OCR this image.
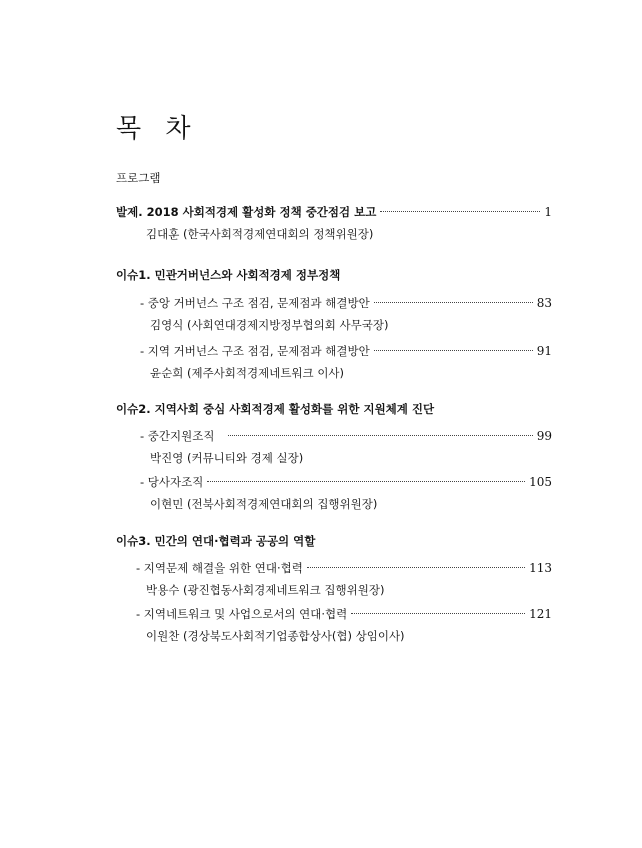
목 차
프로그램
발제. 2018 사회적경제 활성화 정책 중간점검 보고	1
김대훈 (한국사회적경제연대회의 정책위원장)
이슈1. 민관거버넌스와 사회적경제 정부정책
- 중앙 거버넌스 구조 점검, 문제점과 해결방안	83
김영식 (사회연대경제지방정부협의회 사무국장)
- 지역 거버넌스 구조 점검, 문제점과 해결방안	91
윤순희 (제주사회적경제네트워크 이사)
이슈2. 지역사회 중심 사회적경제 활성화를 위한 지원체계 진단
- 중간지원조직	99
박진영 (커뮤니티와 경제 실장)
- 당사자조직	105
이현민 (전북사회적경제연대회의 집행위원장)
이슈3. 민간의 연대·협력과 공공의 역할
- 지역문제 해결을 위한 연대·협력	113
박용수 (광진협동사회경제네트워크 집행위원장)
- 지역네트워크 및 사업으로서의 연대·협력	121
이원찬 (경상북도사회적기업종합상사(협) 상임이사)
